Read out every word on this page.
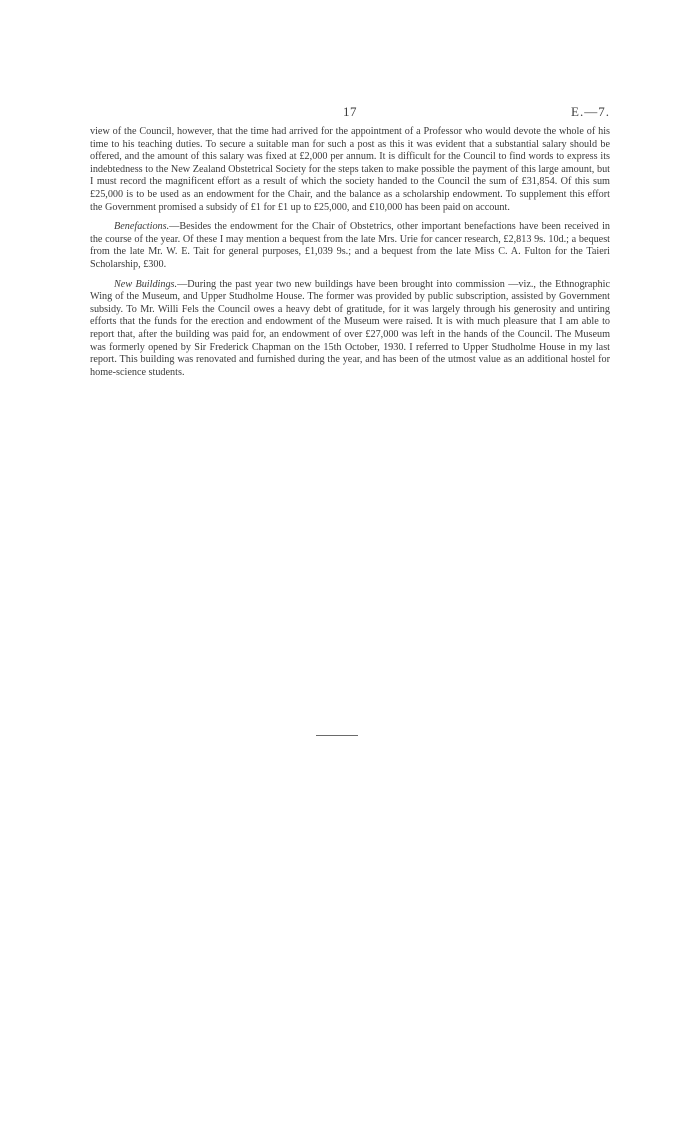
17	E.—7.

view of the Council, however, that the time had arrived for the appointment of a Professor who would devote the whole of his time to his teaching duties. To secure a suitable man for such a post as this it was evident that a substantial salary should be offered, and the amount of this salary was fixed at £2,000 per annum. It is difficult for the Council to find words to express its indebtedness to the New Zealand Obstetrical Society for the steps taken to make possible the payment of this large amount, but I must record the magnificent effort as a result of which the society handed to the Council the sum of £31,854. Of this sum £25,000 is to be used as an endowment for the Chair, and the balance as a scholarship endowment. To supplement this effort the Government promised a subsidy of £1 for £1 up to £25,000, and £10,000 has been paid on account.

Benefactions.—Besides the endowment for the Chair of Obstetrics, other important benefactions have been received in the course of the year. Of these I may mention a bequest from the late Mrs. Urie for cancer research, £2,813 9s. 10d.; a bequest from the late Mr. W. E. Tait for general purposes, £1,039 9s.; and a bequest from the late Miss C. A. Fulton for the Taieri Scholarship, £300.

New Buildings.—During the past year two new buildings have been brought into commission —viz., the Ethnographic Wing of the Museum, and Upper Studholme House. The former was provided by public subscription, assisted by Government subsidy. To Mr. Willi Fels the Council owes a heavy debt of gratitude, for it was largely through his generosity and untiring efforts that the funds for the erection and endowment of the Museum were raised. It is with much pleasure that I am able to report that, after the building was paid for, an endowment of over £27,000 was left in the hands of the Council. The Museum was formerly opened by Sir Frederick Chapman on the 15th October, 1930. I referred to Upper Studholme House in my last report. This building was renovated and furnished during the year, and has been of the utmost value as an additional hostel for home-science students.
